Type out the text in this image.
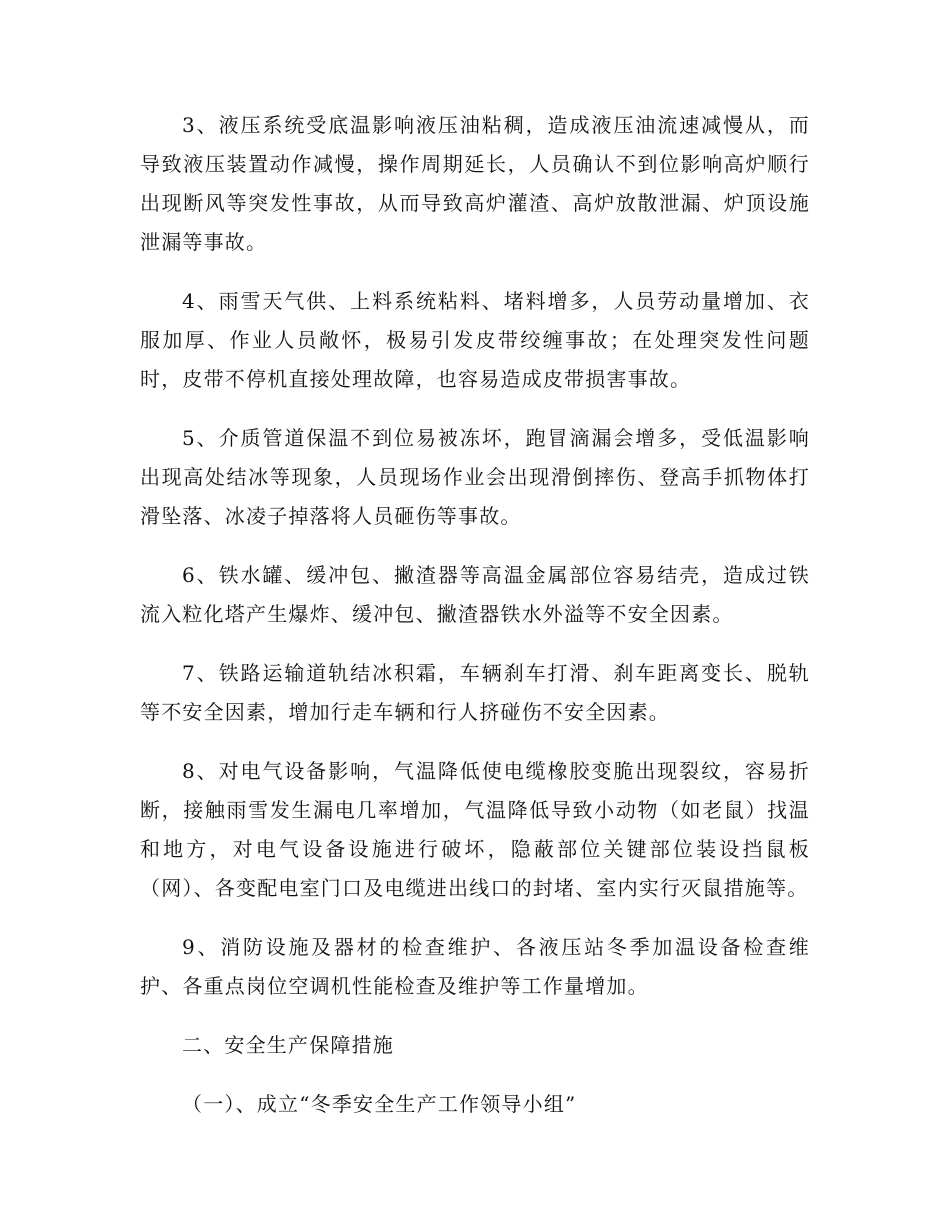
3、液压系统受底温影响液压油粘稠，造成液压油流速减慢从，而导致液压装置动作减慢，操作周期延长，人员确认不到位影响高炉顺行出现断风等突发性事故，从而导致高炉灌渣、高炉放散泄漏、炉顶设施泄漏等事故。

4、雨雪天气供、上料系统粘料、堵料增多，人员劳动量增加、衣服加厚、作业人员敞怀，极易引发皮带绞缠事故；在处理突发性问题时，皮带不停机直接处理故障，也容易造成皮带损害事故。

5、介质管道保温不到位易被冻坏，跑冒滴漏会增多，受低温影响出现高处结冰等现象，人员现场作业会出现滑倒摔伤、登高手抓物体打滑坠落、冰凌子掉落将人员砸伤等事故。

6、铁水罐、缓冲包、撇渣器等高温金属部位容易结壳，造成过铁流入粒化塔产生爆炸、缓冲包、撇渣器铁水外溢等不安全因素。

7、铁路运输道轨结冰积霜，车辆刹车打滑、刹车距离变长、脱轨等不安全因素，增加行走车辆和行人挤碰伤不安全因素。

8、对电气设备影响，气温降低使电缆橡胶变脆出现裂纹，容易折断，接触雨雪发生漏电几率增加，气温降低导致小动物（如老鼠）找温和地方，对电气设备设施进行破坏，隐蔽部位关键部位装设挡鼠板（网）、各变配电室门口及电缆进出线口的封堵、室内实行灭鼠措施等。

9、消防设施及器材的检查维护、各液压站冬季加温设备检查维护、各重点岗位空调机性能检查及维护等工作量增加。

二、安全生产保障措施

（一）、成立“冬季安全生产工作领导小组”
